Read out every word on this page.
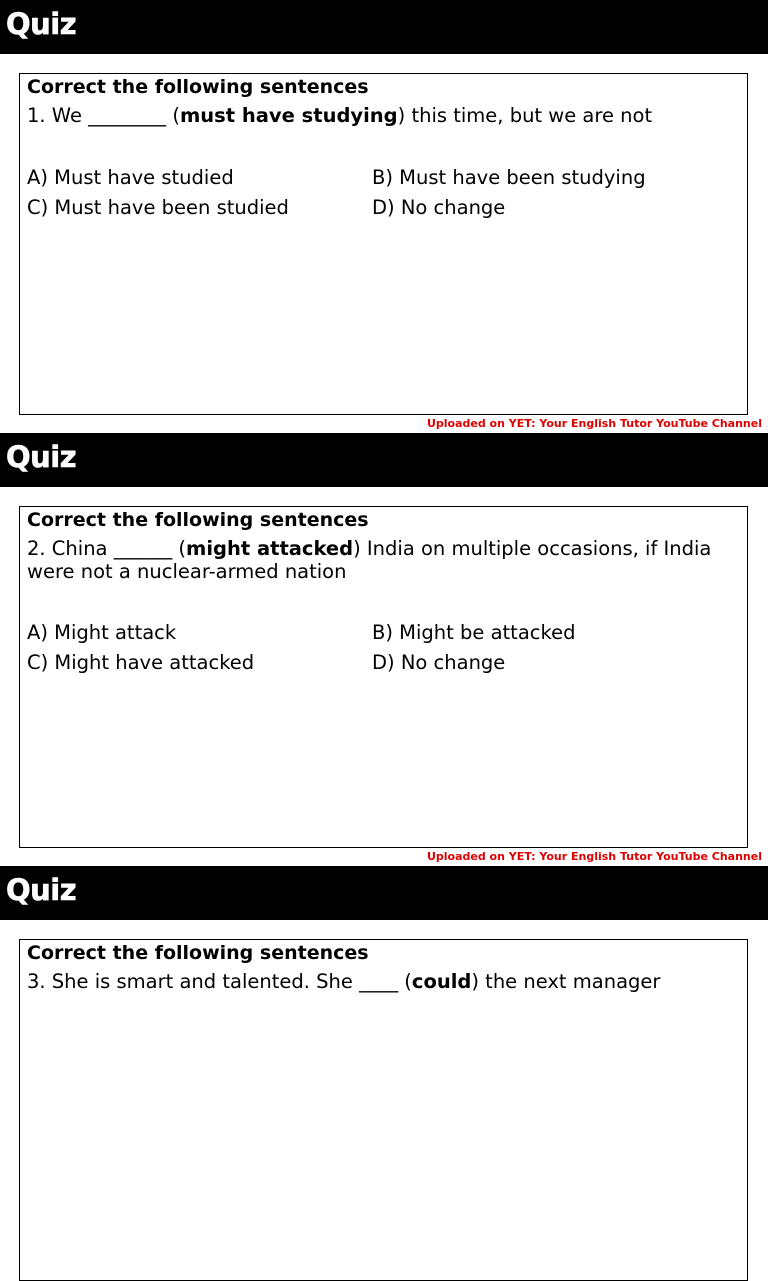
Quiz
Correct the following sentences
1. We ________ (must have studying) this time, but we are not
A) Must have studied	B) Must have been studying
C) Must have been studied	D) No change
Uploaded on YET: Your English Tutor YouTube Channel
Quiz
Correct the following sentences
2. China ______ (might attacked) India on multiple occasions, if India were not a nuclear-armed nation
A) Might attack	B) Might be attacked
C) Might have attacked	D) No change
Uploaded on YET: Your English Tutor YouTube Channel
Quiz
Correct the following sentences
3. She is smart and talented. She ____ (could) the next manager
